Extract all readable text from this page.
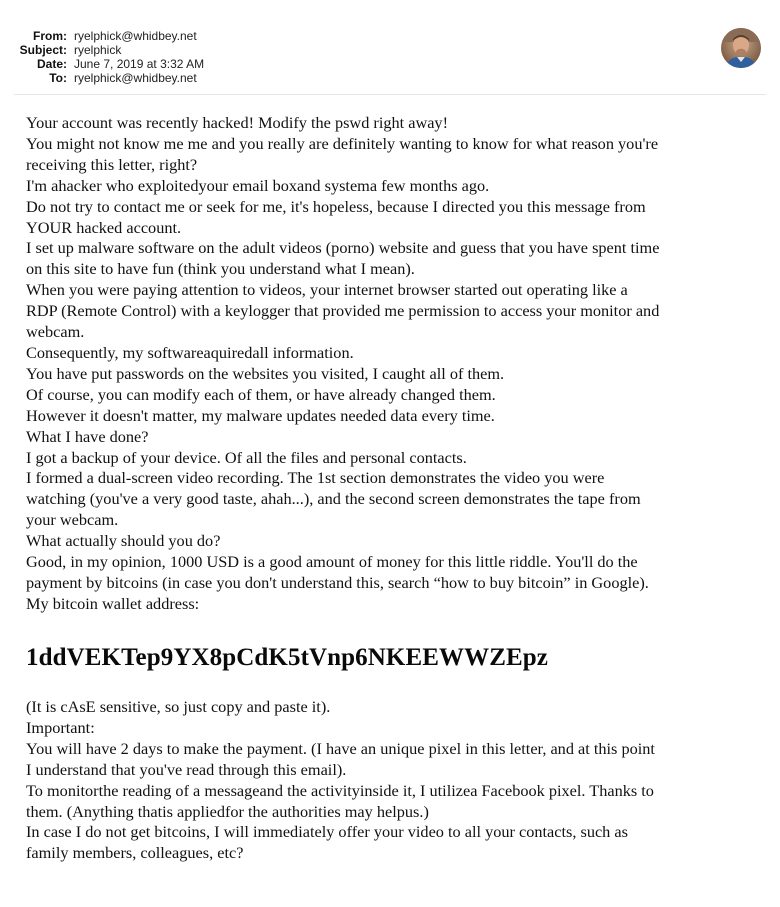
From: ryelphick@whidbey.net
Subject: ryelphick
Date: June 7, 2019 at 3:32 AM
To: ryelphick@whidbey.net
Your account was recently hacked! Modify the pswd right away!
You might not know me me and you really are definitely wanting to know for what reason you're
receiving this letter, right?
I'm ahacker who exploitedyour email boxand systema few months ago.
Do not try to contact me or seek for me, it's hopeless, because I directed you this message from
YOUR hacked account.
I set up malware software on the adult videos (porno) website and guess that you have spent time
on this site to have fun (think you understand what I mean).
When you were paying attention to videos, your internet browser started out operating like a
RDP (Remote Control) with a keylogger that provided me permission to access your monitor and
webcam.
Consequently, my softwareaquiredall information.
You have put passwords on the websites you visited, I caught all of them.
Of course, you can modify each of them, or have already changed them.
However it doesn't matter, my malware updates needed data every time.
What I have done?
I got a backup of your device. Of all the files and personal contacts.
I formed a dual-screen video recording. The 1st section demonstrates the video you were
watching (you've a very good taste, ahah...), and the second screen demonstrates the tape from
your webcam.
What actually should you do?
Good, in my opinion, 1000 USD is a good amount of money for this little riddle. You'll do the
payment by bitcoins (in case you don't understand this, search “how to buy bitcoin” in Google).
My bitcoin wallet address:
1ddVEKTep9YX8pCdK5tVnp6NKEEWWZEpz
(It is cAsE sensitive, so just copy and paste it).
Important:
You will have 2 days to make the payment. (I have an unique pixel in this letter, and at this point
I understand that you've read through this email).
To monitorthe reading of a messageand the activityinside it, I utilizea Facebook pixel. Thanks to
them. (Anything thatis appliedfor the authorities may helpus.)
In case I do not get bitcoins, I will immediately offer your video to all your contacts, such as
family members, colleagues, etc?
